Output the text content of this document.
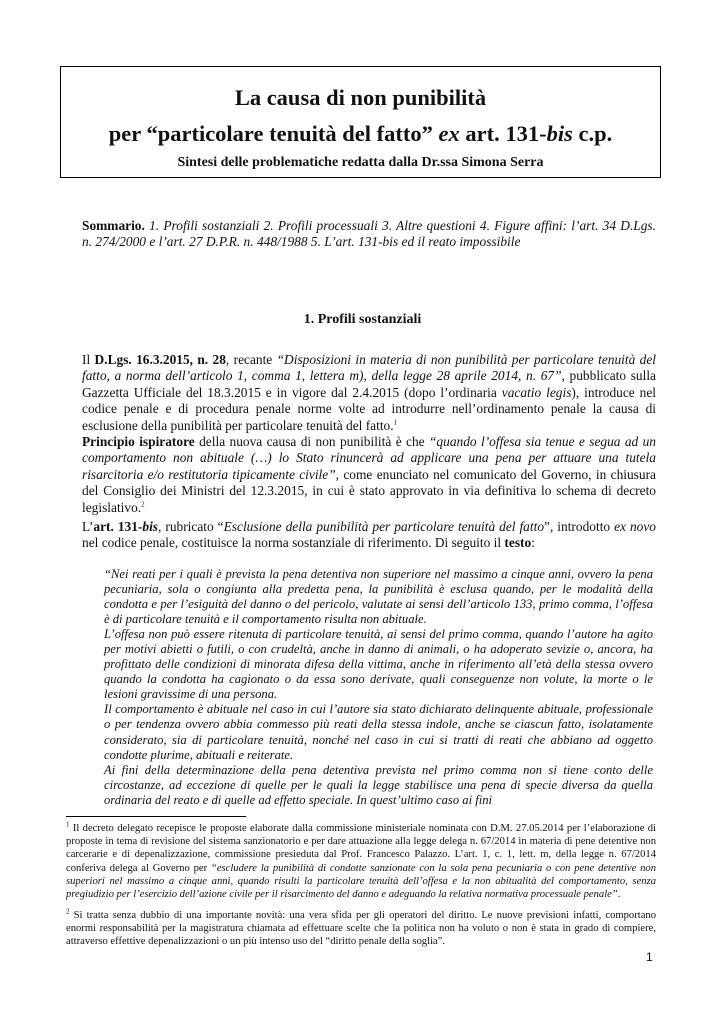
La causa di non punibilità
per “particolare tenuità del fatto” ex art. 131-bis c.p.
Sintesi delle problematiche redatta dalla Dr.ssa Simona Serra
Sommario. 1. Profili sostanziali 2. Profili processuali 3. Altre questioni 4. Figure affini: l’art. 34 D.Lgs. n. 274/2000 e l’art. 27 D.P.R. n. 448/1988 5. L’art. 131-bis ed il reato impossibile
1. Profili sostanziali
Il D.Lgs. 16.3.2015, n. 28, recante “Disposizioni in materia di non punibilità per particolare tenuità del fatto, a norma dell’articolo 1, comma 1, lettera m), della legge 28 aprile 2014, n. 67”, pubblicato sulla Gazzetta Ufficiale del 18.3.2015 e in vigore dal 2.4.2015 (dopo l’ordinaria vacatio legis), introduce nel codice penale e di procedura penale norme volte ad introdurre nell’ordinamento penale la causa di esclusione della punibilità per particolare tenuità del fatto.$^1$
Principio ispiratore della nuova causa di non punibilità è che “quando l’offesa sia tenue e segua ad un comportamento non abituale (…) lo Stato rinuncerà ad applicare una pena per attuare una tutela risarcitoria e/o restitutoria tipicamente civile”, come enunciato nel comunicato del Governo, in chiusura del Consiglio dei Ministri del 12.3.2015, in cui è stato approvato in via definitiva lo schema di decreto legislativo.$^2$
L’art. 131-bis, rubricato “Esclusione della punibilità per particolare tenuità del fatto”, introdotto ex novo nel codice penale, costituisce la norma sostanziale di riferimento. Di seguito il testo:

“Nei reati per i quali è prevista la pena detentiva non superiore nel massimo a cinque anni, ovvero la pena pecuniaria, sola o congiunta alla predetta pena, la punibilità è esclusa quando, per le modalità della condotta e per l’esiguità del danno o del pericolo, valutate ai sensi dell’articolo 133, primo comma, l’offesa è di particolare tenuità e il comportamento risulta non abituale.

L’offesa non può essere ritenuta di particolare tenuità, ai sensi del primo comma, quando l’autore ha agito per motivi abietti o futili, o con crudeltà, anche in danno di animali, o ha adoperato sevizie o, ancora, ha profittato delle condizioni di minorata difesa della vittima, anche in riferimento all’età della stessa ovvero quando la condotta ha cagionato o da essa sono derivate, quali conseguenze non volute, la morte o le lesioni gravissime di una persona.

Il comportamento è abituale nel caso in cui l’autore sia stato dichiarato delinquente abituale, professionale o per tendenza ovvero abbia commesso più reati della stessa indole, anche se ciascun fatto, isolatamente considerato, sia di particolare tenuità, nonché nel caso in cui si tratti di reati che abbiano ad oggetto condotte plurime, abituali e reiterate.

Ai fini della determinazione della pena detentiva prevista nel primo comma non si tiene conto delle circostanze, ad eccezione di quelle per le quali la legge stabilisce una pena di specie diversa da quella ordinaria del reato e di quelle ad effetto speciale. In quest’ultimo caso ai fini

$^1$ Il decreto delegato recepisce le proposte elaborate dalla commissione ministeriale nominata con D.M. 27.05.2014 per l’elaborazione di proposte in tema di revisione del sistema sanzionatorio e per dare attuazione alla legge delega n. 67/2014 in materia di pene detentive non carcerarie e di depenalizzazione, commissione presieduta dal Prof. Francesco Palazzo. L’art. 1, c. 1, lett. m, della legge n. 67/2014 conferiva delega al Governo per “escludere la punibilità di condotte sanzionate con la sola pena pecuniaria o con pene detentive non superiori nel massimo a cinque anni, quando risulti la particolare tenuità dell’offesa e la non abitualità del comportamento, senza pregiudizio per l’esercizio dell’azione civile per il risarcimento del danno e adeguando la relativa normativa processuale penale”.
$^2$ Si tratta senza dubbio di una importante novità: una vera sfida per gli operatori del diritto. Le nuove previsioni infatti, comportano enormi responsabilità per la magistratura chiamata ad effettuare scelte che la politica non ha voluto o non è stata in grado di compiere, attraverso effettive depenalizzazioni o un più intenso uso del “diritto penale della soglia”.
1
